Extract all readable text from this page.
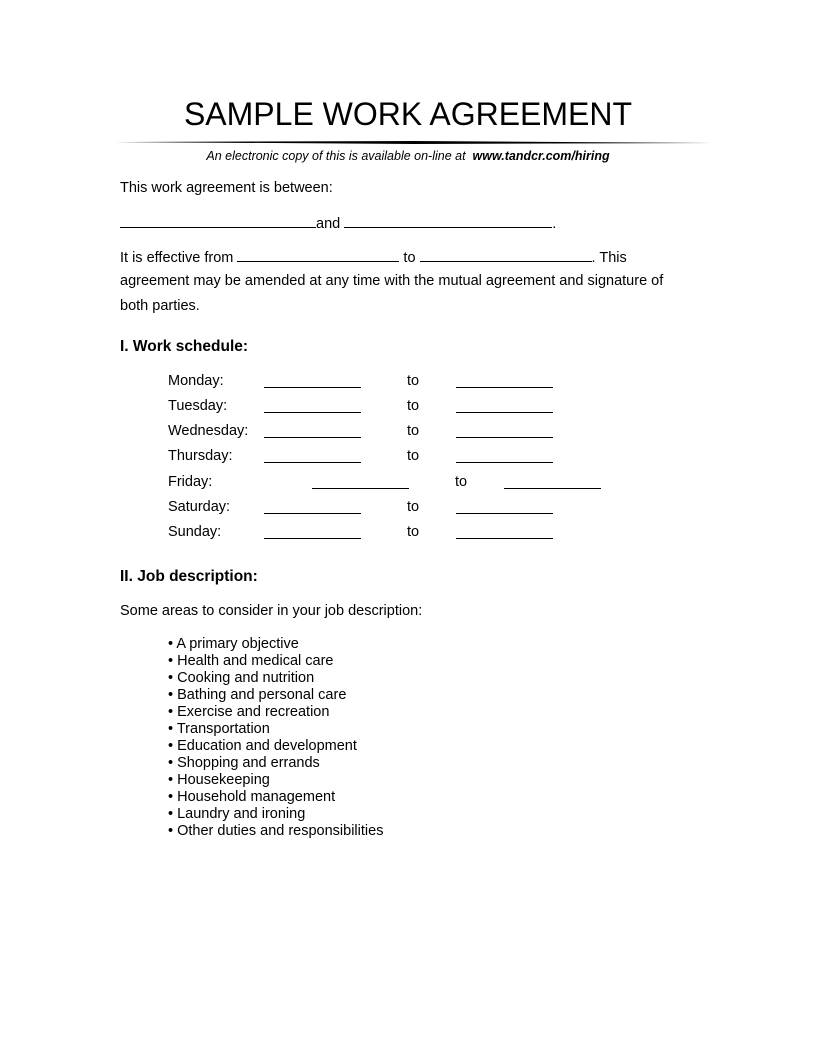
SAMPLE WORK AGREEMENT
An electronic copy of this is available on-line at www.tandcr.com/hiring
This work agreement is between:
and	.
It is effective from	to	. This
agreement may be amended at any time with the mutual agreement and signature of
both parties.
I. Work schedule:
Monday:	to
Tuesday:	to
Wednesday:	to
Thursday:	to
Friday:	to
Saturday:	to
Sunday:	to
II. Job description:
Some areas to consider in your job description:
• A primary objective
• Health and medical care
• Cooking and nutrition
• Bathing and personal care
• Exercise and recreation
• Transportation
• Education and development
• Shopping and errands
• Housekeeping
• Household management
• Laundry and ironing
• Other duties and responsibilities
